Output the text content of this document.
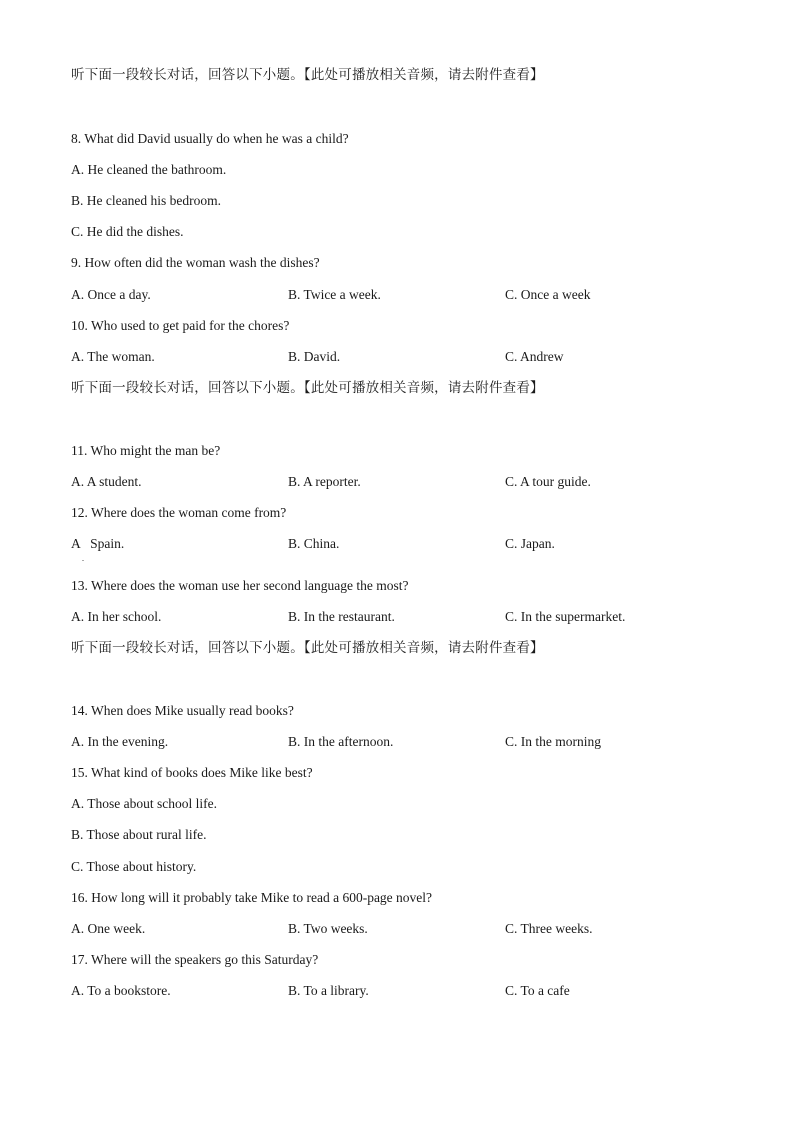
听下面一段较长对话，回答以下小题。【此处可播放相关音频，请去附件查看】
8. What did David usually do when he was a child?
A. He cleaned the bathroom.
B. He cleaned his bedroom.
C. He did the dishes.
9. How often did the woman wash the dishes?
A. Once a day.	B. Twice a week.	C. Once a week
10. Who used to get paid for the chores?
A. The woman.	B. David.	C. Andrew
听下面一段较长对话，回答以下小题。【此处可播放相关音频，请去附件查看】
11. Who might the man be?
A. A student.	B. A reporter.	C. A tour guide.
12. Where does the woman come from?
A   Spain.	B. China.	C. Japan.
.
13. Where does the woman use her second language the most?
A. In her school.	B. In the restaurant.	C. In the supermarket.
听下面一段较长对话，回答以下小题。【此处可播放相关音频，请去附件查看】
14. When does Mike usually read books?
A. In the evening.	B. In the afternoon.	C. In the morning
15. What kind of books does Mike like best?
A. Those about school life.
B. Those about rural life.
C. Those about history.
16. How long will it probably take Mike to read a 600-page novel?
A. One week.	B. Two weeks.	C. Three weeks.
17. Where will the speakers go this Saturday?
A. To a bookstore.	B. To a library.	C. To a cafe
